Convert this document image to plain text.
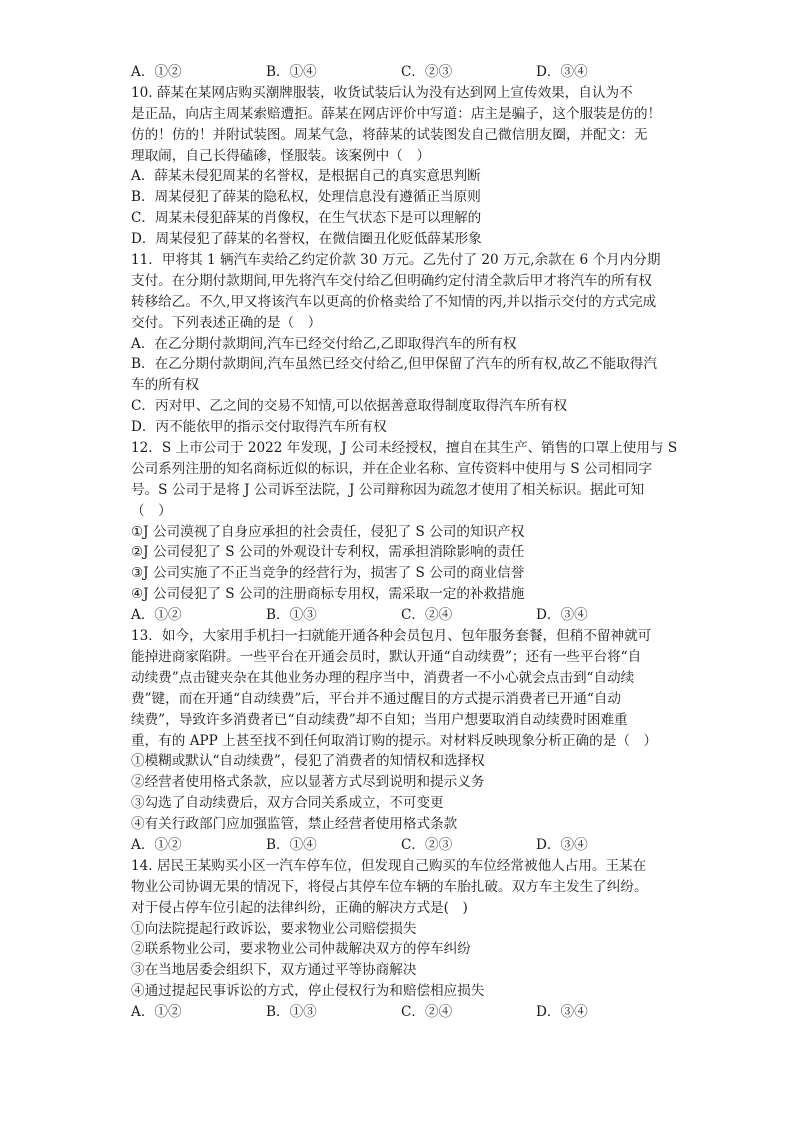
A．①②	B．①④	C．②③	D．③④
10. 薛某在某网店购买潮牌服装，收货试装后认为没有达到网上宣传效果，自认为不
是正品，向店主周某索赔遭拒。薛某在网店评价中写道：店主是骗子，这个服装是仿的！
仿的！仿的！并附试装图。周某气急，将薛某的试装图发自己微信朋友圈，并配文：无
理取闹，自己长得磕碜，怪服装。该案例中（　）
A．薛某未侵犯周某的名誉权，是根据自己的真实意思判断
B．周某侵犯了薛某的隐私权，处理信息没有遵循正当原则
C．周某未侵犯薛某的肖像权，在生气状态下是可以理解的
D．周某侵犯了薛某的名誉权，在微信圈丑化贬低薛某形象
11．甲将其 1 辆汽车卖给乙约定价款 30 万元。乙先付了 20 万元,余款在 6 个月内分期
支付。在分期付款期间,甲先将汽车交付给乙但明确约定付清全款后甲才将汽车的所有权
转移给乙。不久,甲又将该汽车以更高的价格卖给了不知情的丙,并以指示交付的方式完成
交付。下列表述正确的是（　）
A．在乙分期付款期间,汽车已经交付给乙,乙即取得汽车的所有权
B．在乙分期付款期间,汽车虽然已经交付给乙,但甲保留了汽车的所有权,故乙不能取得汽
车的所有权
C．丙对甲、乙之间的交易不知情,可以依据善意取得制度取得汽车所有权
D．丙不能依甲的指示交付取得汽车所有权
12．S 上市公司于 2022 年发现，J 公司未经授权，擅自在其生产、销售的口罩上使用与 S
公司系列注册的知名商标近似的标识，并在企业名称、宣传资料中使用与 S 公司相同字
号。S 公司于是将 J 公司诉至法院，J 公司辩称因为疏忽才使用了相关标识。据此可知
（　）
①J 公司漠视了自身应承担的社会责任，侵犯了 S 公司的知识产权
②J 公司侵犯了 S 公司的外观设计专利权，需承担消除影响的责任
③J 公司实施了不正当竞争的经营行为，损害了 S 公司的商业信誉
④J 公司侵犯了 S 公司的注册商标专用权，需采取一定的补救措施
A．①②	B．①③	C．②④	D．③④
13．如今，大家用手机扫一扫就能开通各种会员包月、包年服务套餐，但稍不留神就可
能掉进商家陷阱。一些平台在开通会员时，默认开通“自动续费”；还有一些平台将“自
动续费”点击键夹杂在其他业务办理的程序当中，消费者一不小心就会点击到“自动续
费”键，而在开通“自动续费”后，平台并不通过醒目的方式提示消费者已开通“自动
续费”，导致许多消费者已“自动续费”却不自知；当用户想要取消自动续费时困难重
重，有的 APP 上甚至找不到任何取消订购的提示。对材料反映现象分析正确的是（　）
①模糊或默认“自动续费”，侵犯了消费者的知情权和选择权
②经营者使用格式条款，应以显著方式尽到说明和提示义务
③勾选了自动续费后，双方合同关系成立，不可变更
④有关行政部门应加强监管，禁止经营者使用格式条款
A．①②	B．①④	C．②③	D．③④
14. 居民王某购买小区一汽车停车位，但发现自己购买的车位经常被他人占用。王某在
物业公司协调无果的情况下，将侵占其停车位车辆的车胎扎破。双方车主发生了纠纷。
对于侵占停车位引起的法律纠纷，正确的解决方式是(　)
①向法院提起行政诉讼，要求物业公司赔偿损失
②联系物业公司，要求物业公司仲裁解决双方的停车纠纷
③在当地居委会组织下，双方通过平等协商解决
④通过提起民事诉讼的方式，停止侵权行为和赔偿相应损失
A．①②	B．①③	C．②④	D．③④
